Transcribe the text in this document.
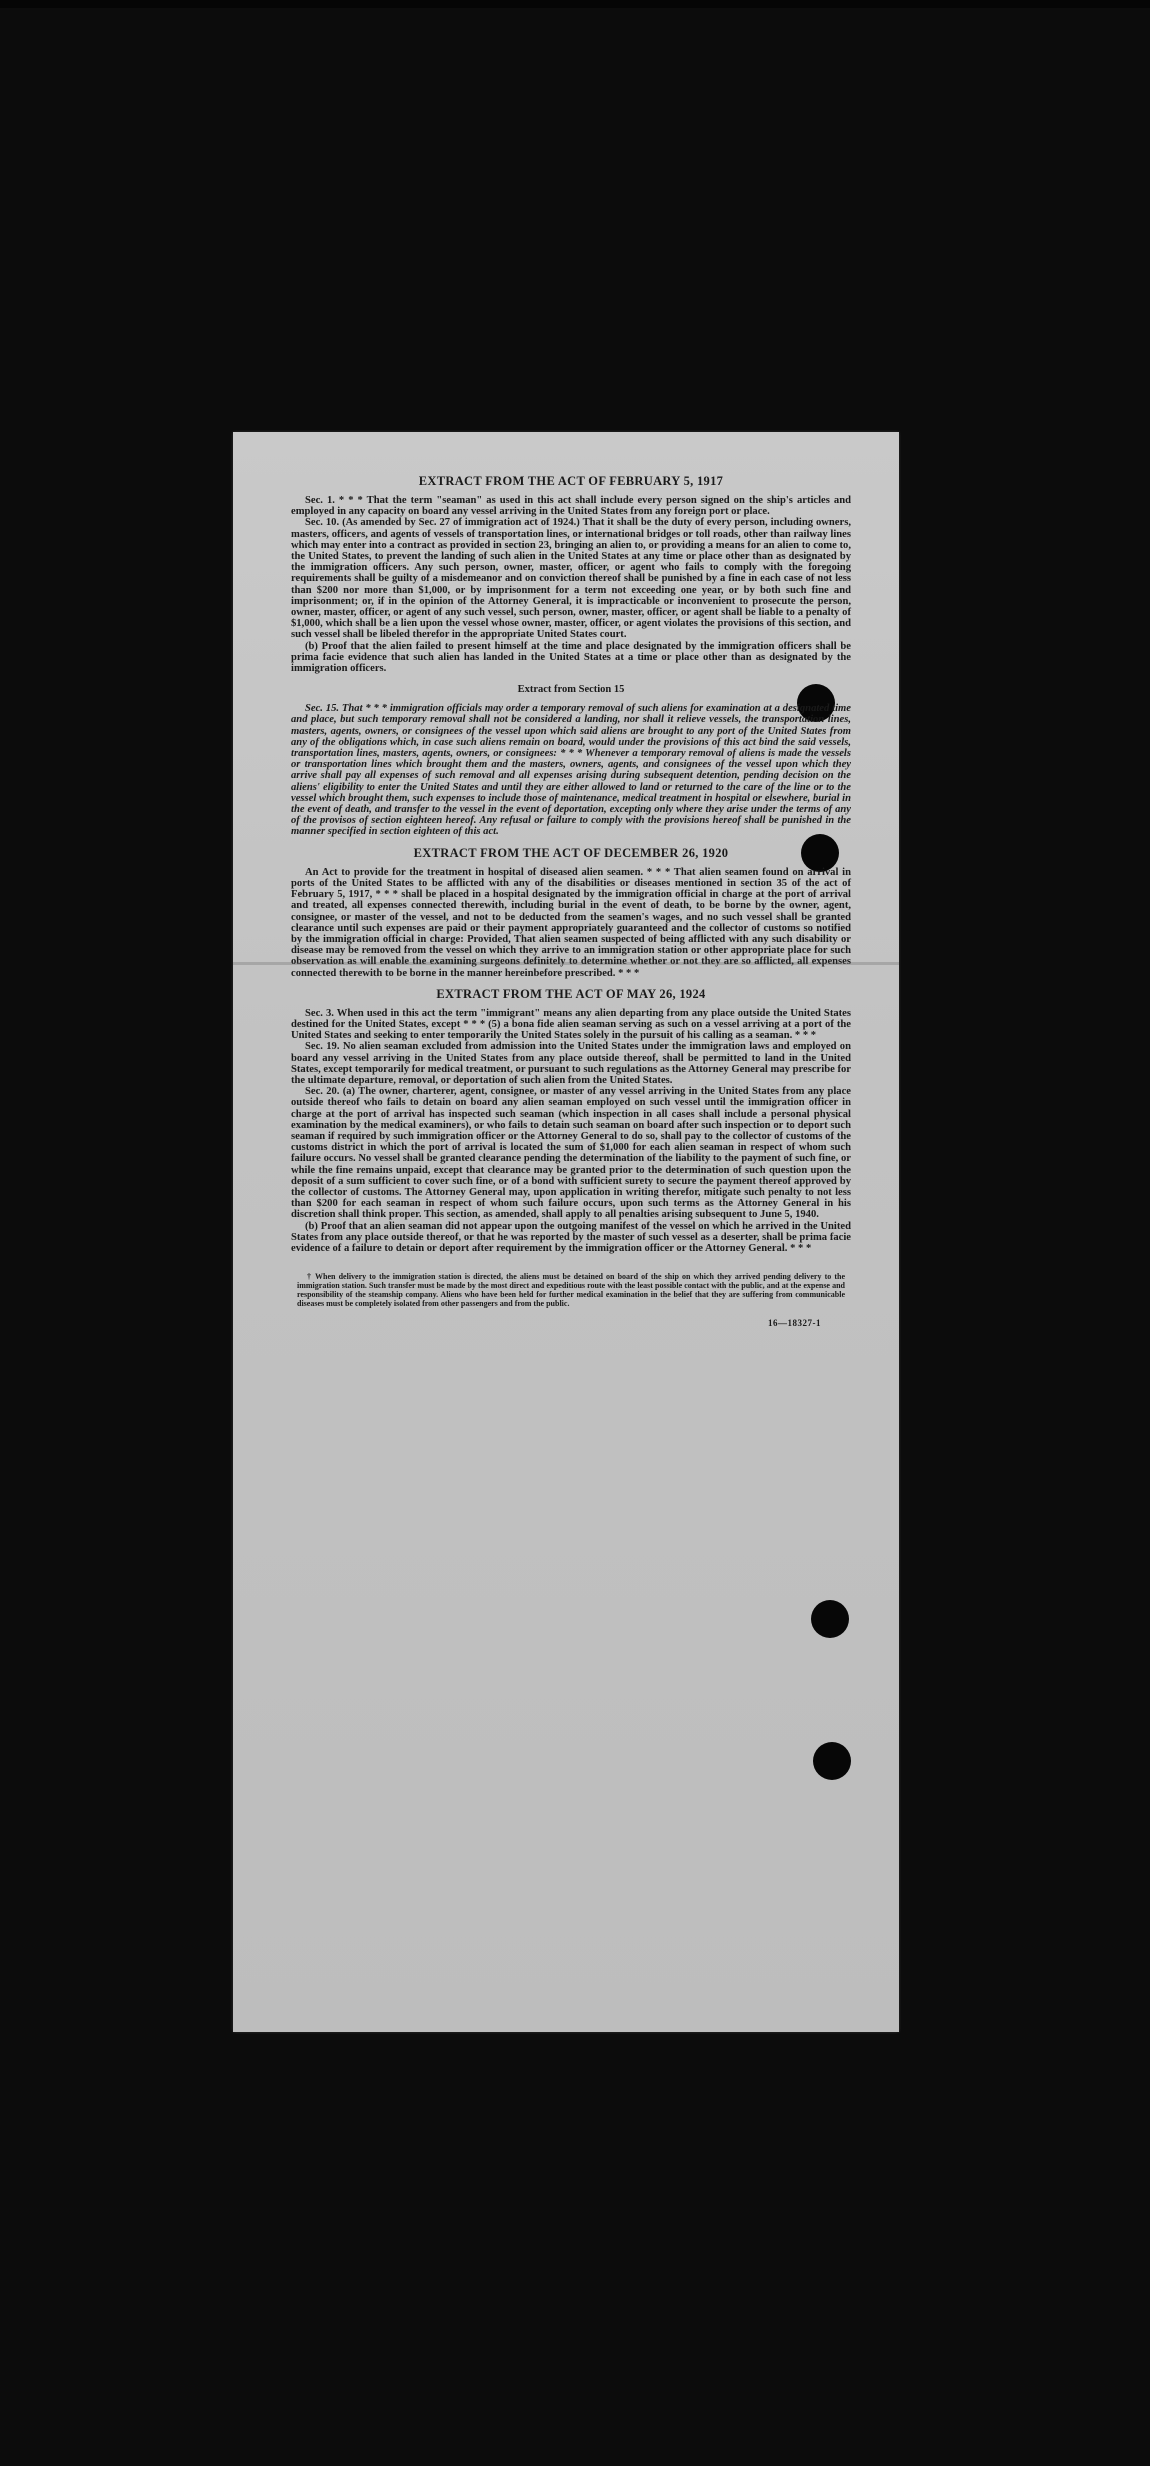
EXTRACT FROM THE ACT OF FEBRUARY 5, 1917

Sec. 1. * * * That the term "seaman" as used in this act shall include every person signed on the ship's articles and employed in any capacity on board any vessel arriving in the United States from any foreign port or place.

Sec. 10. (As amended by Sec. 27 of immigration act of 1924.) That it shall be the duty of every person, including owners, masters, officers, and agents of vessels of transportation lines, or international bridges or toll roads, other than railway lines which may enter into a contract as provided in section 23, bringing an alien to, or providing a means for an alien to come to, the United States, to prevent the landing of such alien in the United States at any time or place other than as designated by the immigration officers. Any such person, owner, master, officer, or agent who fails to comply with the foregoing requirements shall be guilty of a misdemeanor and on conviction thereof shall be punished by a fine in each case of not less than $200 nor more than $1,000, or by imprisonment for a term not exceeding one year, or by both such fine and imprisonment; or, if in the opinion of the Attorney General, it is impracticable or inconvenient to prosecute the person, owner, master, officer, or agent of any such vessel, such person, owner, master, officer, or agent shall be liable to a penalty of $1,000, which shall be a lien upon the vessel whose owner, master, officer, or agent violates the provisions of this section, and such vessel shall be libeled therefor in the appropriate United States court.

(b) Proof that the alien failed to present himself at the time and place designated by the immigration officers shall be prima facie evidence that such alien has landed in the United States at a time or place other than as designated by the immigration officers.

Extract from Section 15

Sec. 15. That * * * immigration officials may order a temporary removal of such aliens for examination at a designated time and place, but such temporary removal shall not be considered a landing, nor shall it relieve vessels, the transportation lines, masters, agents, owners, or consignees of the vessel upon which said aliens are brought to any port of the United States from any of the obligations which, in case such aliens remain on board, would under the provisions of this act bind the said vessels, transportation lines, masters, agents, owners, or consignees: * * * Whenever a temporary removal of aliens is made the vessels or transportation lines which brought them and the masters, owners, agents, and consignees of the vessel upon which they arrive shall pay all expenses of such removal and all expenses arising during subsequent detention, pending decision on the aliens' eligibility to enter the United States and until they are either allowed to land or returned to the care of the line or to the vessel which brought them, such expenses to include those of maintenance, medical treatment in hospital or elsewhere, burial in the event of death, and transfer to the vessel in the event of deportation, excepting only where they arise under the terms of any of the provisos of section eighteen hereof. Any refusal or failure to comply with the provisions hereof shall be punished in the manner specified in section eighteen of this act.

EXTRACT FROM THE ACT OF DECEMBER 26, 1920

An Act to provide for the treatment in hospital of diseased alien seamen. * * * That alien seamen found on arrival in ports of the United States to be afflicted with any of the disabilities or diseases mentioned in section 35 of the act of February 5, 1917, * * * shall be placed in a hospital designated by the immigration official in charge at the port of arrival and treated, all expenses connected therewith, including burial in the event of death, to be borne by the owner, agent, consignee, or master of the vessel, and not to be deducted from the seamen's wages, and no such vessel shall be granted clearance until such expenses are paid or their payment appropriately guaranteed and the collector of customs so notified by the immigration official in charge: Provided, That alien seamen suspected of being afflicted with any such disability or disease may be removed from the vessel on which they arrive to an immigration station or other appropriate place for such observation as will enable the examining surgeons definitely to determine whether or not they are so afflicted, all expenses connected therewith to be borne in the manner hereinbefore prescribed. * * *

EXTRACT FROM THE ACT OF MAY 26, 1924

Sec. 3. When used in this act the term "immigrant" means any alien departing from any place outside the United States destined for the United States, except * * * (5) a bona fide alien seaman serving as such on a vessel arriving at a port of the United States and seeking to enter temporarily the United States solely in the pursuit of his calling as a seaman. * * *

Sec. 19. No alien seaman excluded from admission into the United States under the immigration laws and employed on board any vessel arriving in the United States from any place outside thereof, shall be permitted to land in the United States, except temporarily for medical treatment, or pursuant to such regulations as the Attorney General may prescribe for the ultimate departure, removal, or deportation of such alien from the United States.

Sec. 20. (a) The owner, charterer, agent, consignee, or master of any vessel arriving in the United States from any place outside thereof who fails to detain on board any alien seaman employed on such vessel until the immigration officer in charge at the port of arrival has inspected such seaman (which inspection in all cases shall include a personal physical examination by the medical examiners), or who fails to detain such seaman on board after such inspection or to deport such seaman if required by such immigration officer or the Attorney General to do so, shall pay to the collector of customs of the customs district in which the port of arrival is located the sum of $1,000 for each alien seaman in respect of whom such failure occurs. No vessel shall be granted clearance pending the determination of the liability to the payment of such fine, or while the fine remains unpaid, except that clearance may be granted prior to the determination of such question upon the deposit of a sum sufficient to cover such fine, or of a bond with sufficient surety to secure the payment thereof approved by the collector of customs. The Attorney General may, upon application in writing therefor, mitigate such penalty to not less than $200 for each seaman in respect of whom such failure occurs, upon such terms as the Attorney General in his discretion shall think proper. This section, as amended, shall apply to all penalties arising subsequent to June 5, 1940.

(b) Proof that an alien seaman did not appear upon the outgoing manifest of the vessel on which he arrived in the United States from any place outside thereof, or that he was reported by the master of such vessel as a deserter, shall be prima facie evidence of a failure to detain or deport after requirement by the immigration officer or the Attorney General. * * *

† When delivery to the immigration station is directed, the aliens must be detained on board of the ship on which they arrived pending delivery to the immigration station. Such transfer must be made by the most direct and expeditious route with the least possible contact with the public, and at the expense and responsibility of the steamship company. Aliens who have been held for further medical examination in the belief that they are suffering from communicable diseases must be completely isolated from other passengers and from the public.

16—18327-1
